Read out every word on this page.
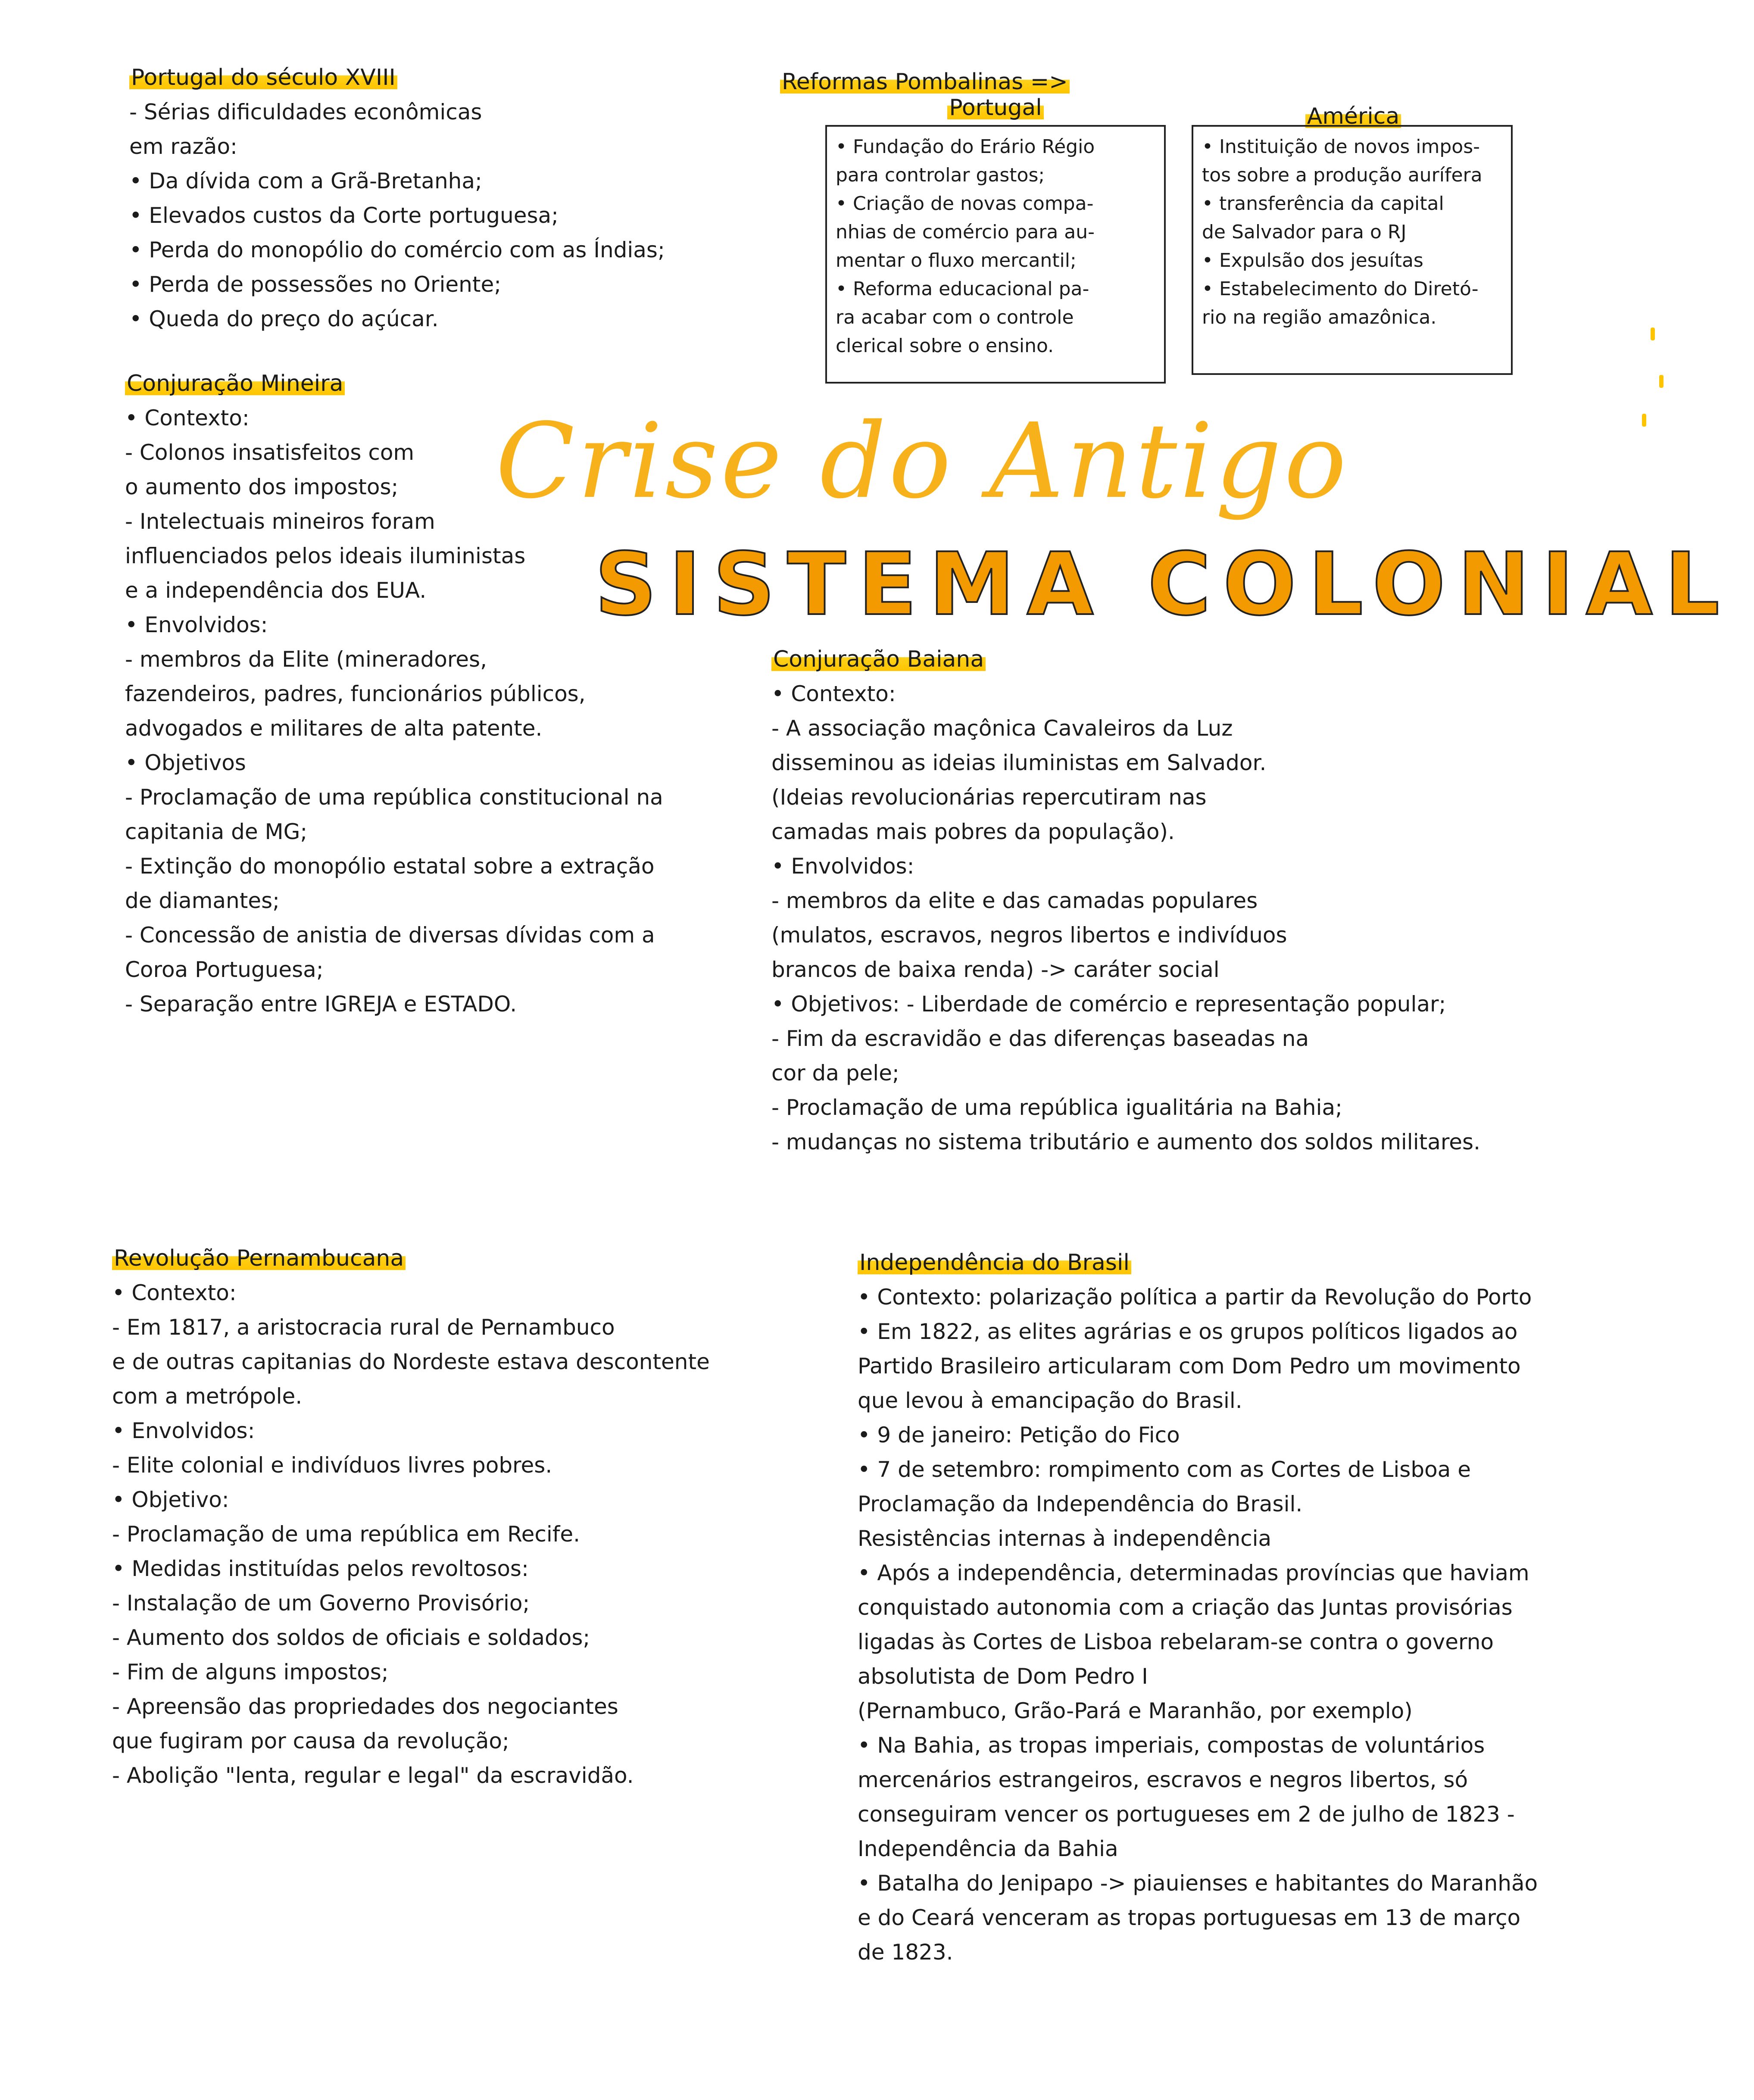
Portugal do século XVIII

- Sérias dificuldades econômicas

em razão:

• Da dívida com a Grã-Bretanha;

• Elevados custos da Corte portuguesa;

• Perda do monopólio do comércio com as Índias;

• Perda de possessões no Oriente;

• Queda do preço do açúcar.

Reformas Pombalinas =>

Portugal

• Fundação do Erário Régio

para controlar gastos;

• Criação de novas compa-

nhias de comércio para au-

mentar o fluxo mercantil;

• Reforma educacional pa-

ra acabar com o controle

clerical sobre o ensino.

América

• Instituição de novos impos-

tos sobre a produção aurífera

• transferência da capital

de Salvador para o RJ

• Expulsão dos jesuítas

• Estabelecimento do Diretó-

rio na região amazônica.

Crise do Antigo
SISTEMA COLONIAL

Conjuração Mineira

• Contexto:

- Colonos insatisfeitos com

o aumento dos impostos;

- Intelectuais mineiros foram

influenciados pelos ideais iluministas

e a independência dos EUA.

• Envolvidos:

- membros da Elite (mineradores,

fazendeiros, padres, funcionários públicos,

advogados e militares de alta patente.

• Objetivos

- Proclamação de uma república constitucional na

capitania de MG;

- Extinção do monopólio estatal sobre a extração

de diamantes;

- Concessão de anistia de diversas dívidas com a

Coroa Portuguesa;

- Separação entre IGREJA e ESTADO.

Conjuração Baiana

• Contexto:

- A associação maçônica Cavaleiros da Luz

disseminou as ideias iluministas em Salvador.

(Ideias revolucionárias repercutiram nas

camadas mais pobres da população).

• Envolvidos:

- membros da elite e das camadas populares

(mulatos, escravos, negros libertos e indivíduos

brancos de baixa renda) -> caráter social

• Objetivos: - Liberdade de comércio e representação popular;

- Fim da escravidão e das diferenças baseadas na

cor da pele;

- Proclamação de uma república igualitária na Bahia;

- mudanças no sistema tributário e aumento dos soldos militares.

Revolução Pernambucana

• Contexto:

- Em 1817, a aristocracia rural de Pernambuco

e de outras capitanias do Nordeste estava descontente

com a metrópole.

• Envolvidos:

- Elite colonial e indivíduos livres pobres.

• Objetivo:

- Proclamação de uma república em Recife.

• Medidas instituídas pelos revoltosos:

- Instalação de um Governo Provisório;

- Aumento dos soldos de oficiais e soldados;

- Fim de alguns impostos;

- Apreensão das propriedades dos negociantes

que fugiram por causa da revolução;

- Abolição "lenta, regular e legal" da escravidão.

Independência do Brasil

• Contexto: polarização política a partir da Revolução do Porto

• Em 1822, as elites agrárias e os grupos políticos ligados ao

Partido Brasileiro articularam com Dom Pedro um movimento

que levou à emancipação do Brasil.

• 9 de janeiro: Petição do Fico

• 7 de setembro: rompimento com as Cortes de Lisboa e

Proclamação da Independência do Brasil.

Resistências internas à independência

• Após a independência, determinadas províncias que haviam

conquistado autonomia com a criação das Juntas provisórias

ligadas às Cortes de Lisboa rebelaram-se contra o governo

absolutista de Dom Pedro I

(Pernambuco, Grão-Pará e Maranhão, por exemplo)

• Na Bahia, as tropas imperiais, compostas de voluntários

mercenários estrangeiros, escravos e negros libertos, só

conseguiram vencer os portugueses em 2 de julho de 1823 -

Independência da Bahia

• Batalha do Jenipapo -> piauienses e habitantes do Maranhão

e do Ceará venceram as tropas portuguesas em 13 de março

de 1823.
